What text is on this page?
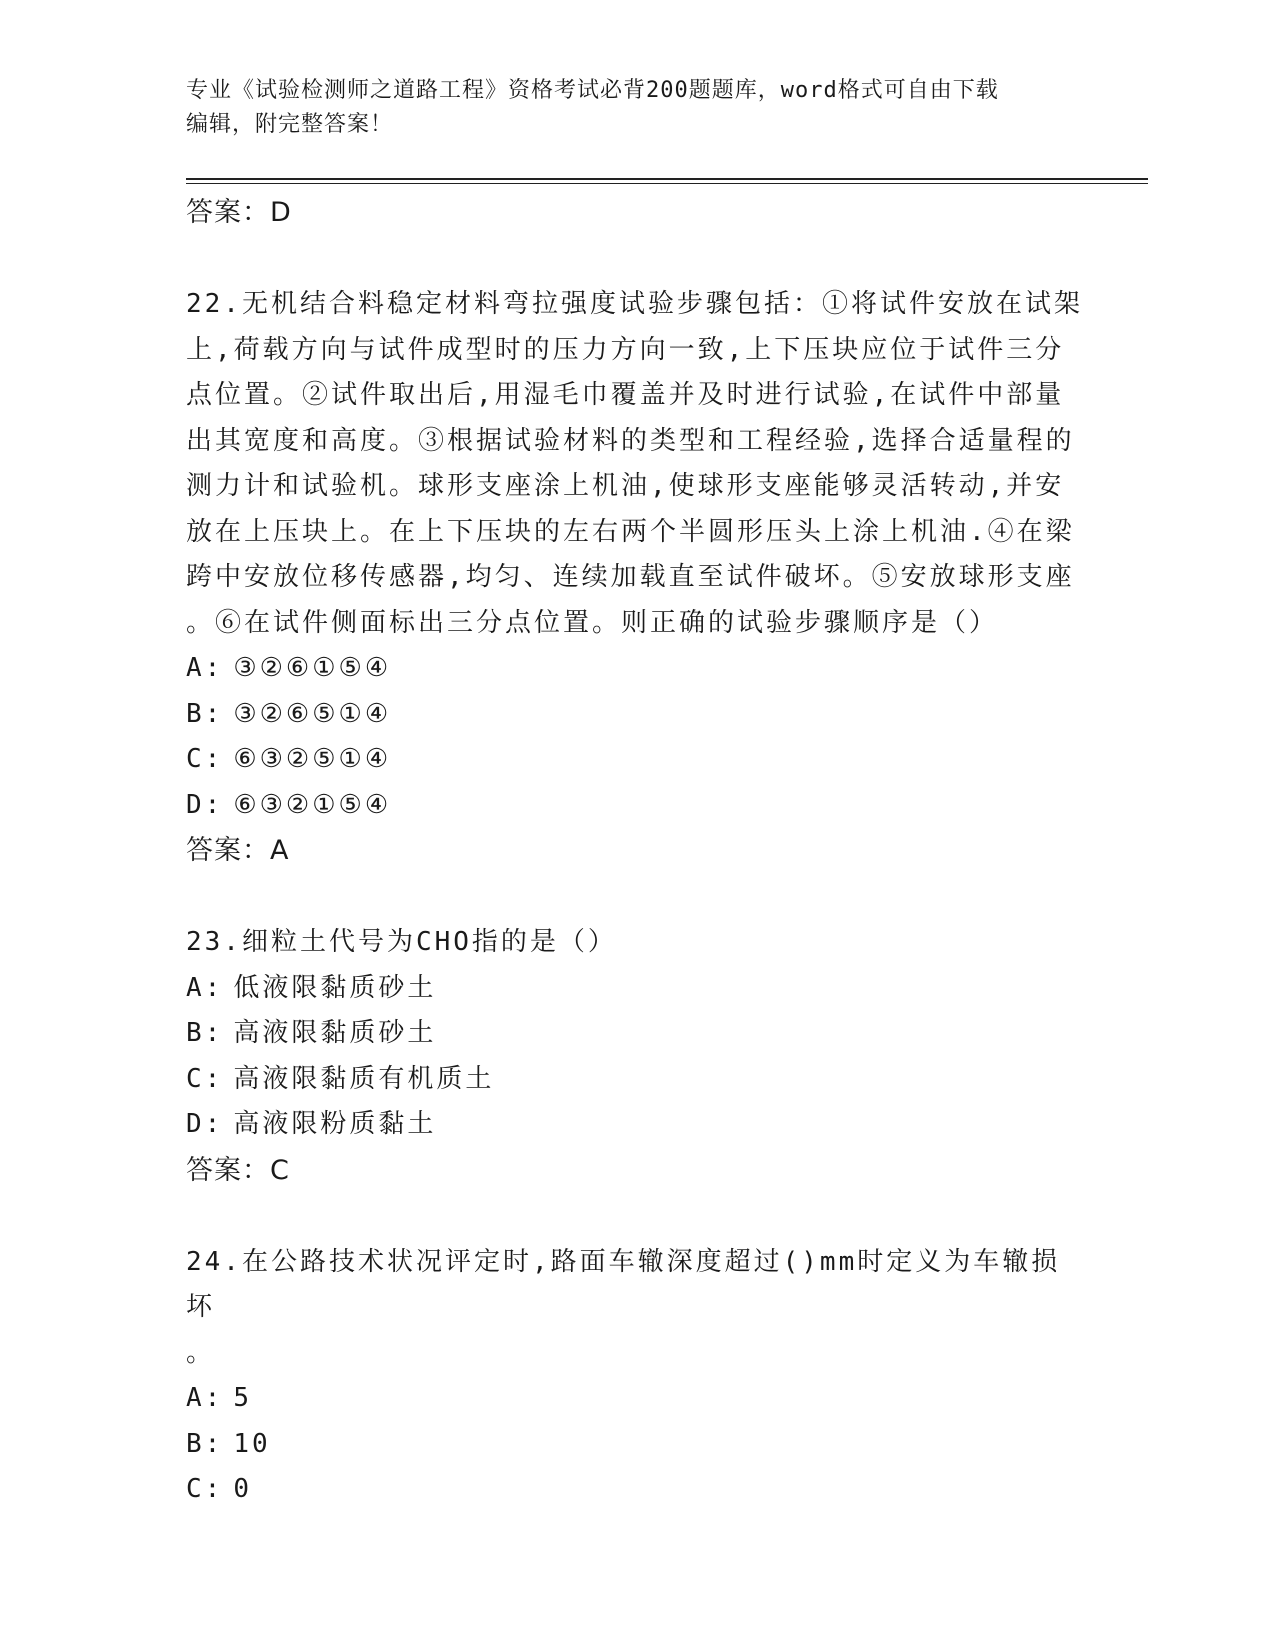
专业《试验检测师之道路工程》资格考试必背200题题库，word格式可自由下载
编辑，附完整答案！
答案：D

22.无机结合料稳定材料弯拉强度试验步骤包括：①将试件安放在试架

上,荷载方向与试件成型时的压力方向一致,上下压块应位于试件三分

点位置。②试件取出后,用湿毛巾覆盖并及时进行试验,在试件中部量

出其宽度和高度。③根据试验材料的类型和工程经验,选择合适量程的

测力计和试验机。球形支座涂上机油,使球形支座能够灵活转动,并安

放在上压块上。在上下压块的左右两个半圆形压头上涂上机油.④在梁

跨中安放位移传感器,均匀、连续加载直至试件破坏。⑤安放球形支座

。⑥在试件侧面标出三分点位置。则正确的试验步骤顺序是（）

A: ③②⑥①⑤④

B: ③②⑥⑤①④

C: ⑥③②⑤①④

D: ⑥③②①⑤④

答案：A

23.细粒土代号为CHO指的是（）

A: 低液限黏质砂土

B: 高液限黏质砂土

C: 高液限黏质有机质土

D: 高液限粉质黏土

答案：C

24.在公路技术状况评定时,路面车辙深度超过()mm时定义为车辙损坏

。

A: 5

B: 10

C: 0
